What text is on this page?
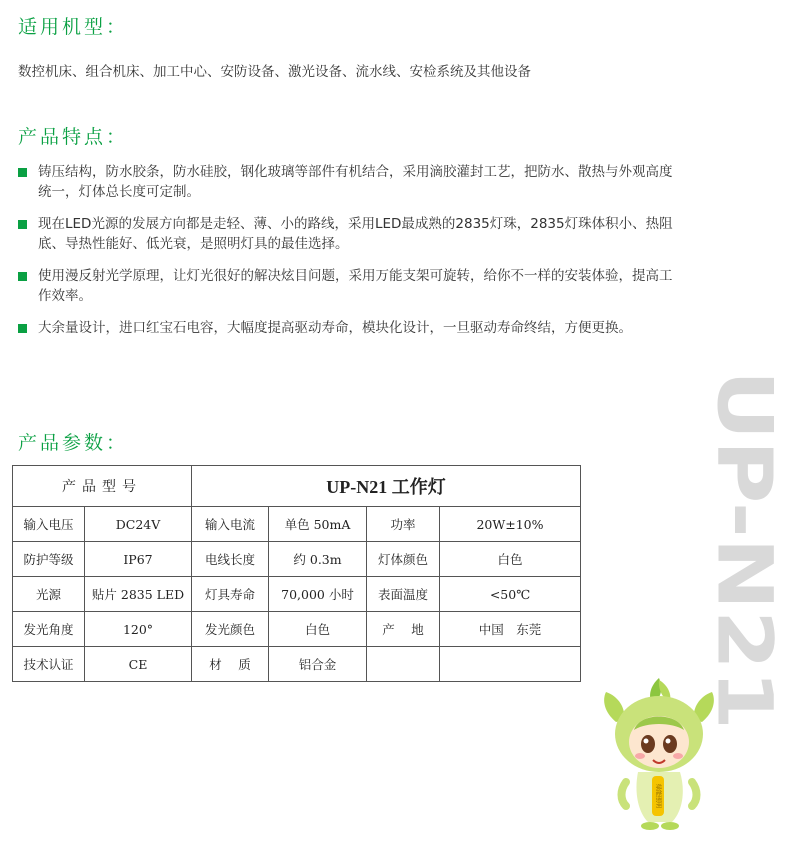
适用机型：

数控机床、组合机床、加工中心、安防设备、激光设备、流水线、安检系统及其他设备

产品特点：
铸压结构，防水胶条，防水硅胶，钢化玻璃等部件有机结合，采用滴胶灌封工艺，把防水、散热与外观高度统一，灯体总长度可定制。
现在LED光源的发展方向都是走轻、薄、小的路线，采用LED最成熟的2835灯珠，2835灯珠体积小、热阻底、导热性能好、低光衰，是照明灯具的最佳选择。
使用漫反射光学原理，让灯光很好的解决炫目问题，采用万能支架可旋转，给你不一样的安装体验，提高工作效率。
大余量设计，进口红宝石电容，大幅度提高驱动寿命，模块化设计，一旦驱动寿命终结，方便更换。
产品参数：
产品型号		UP-N21 工作灯			
输入电压	DC24V	输入电流	单色 50mA	功率	20W±10%
防护等级	IP67	电线长度	约 0.3m	灯体颜色	白色
光源	贴片 2835 LED	灯具寿命	70,000 小时	表面温度	<50℃
发光角度	120°	发光颜色	白色	产　 地	中国　东莞
技术认证	CE	材　 质	铝合金			UP-N21
绿能照明
